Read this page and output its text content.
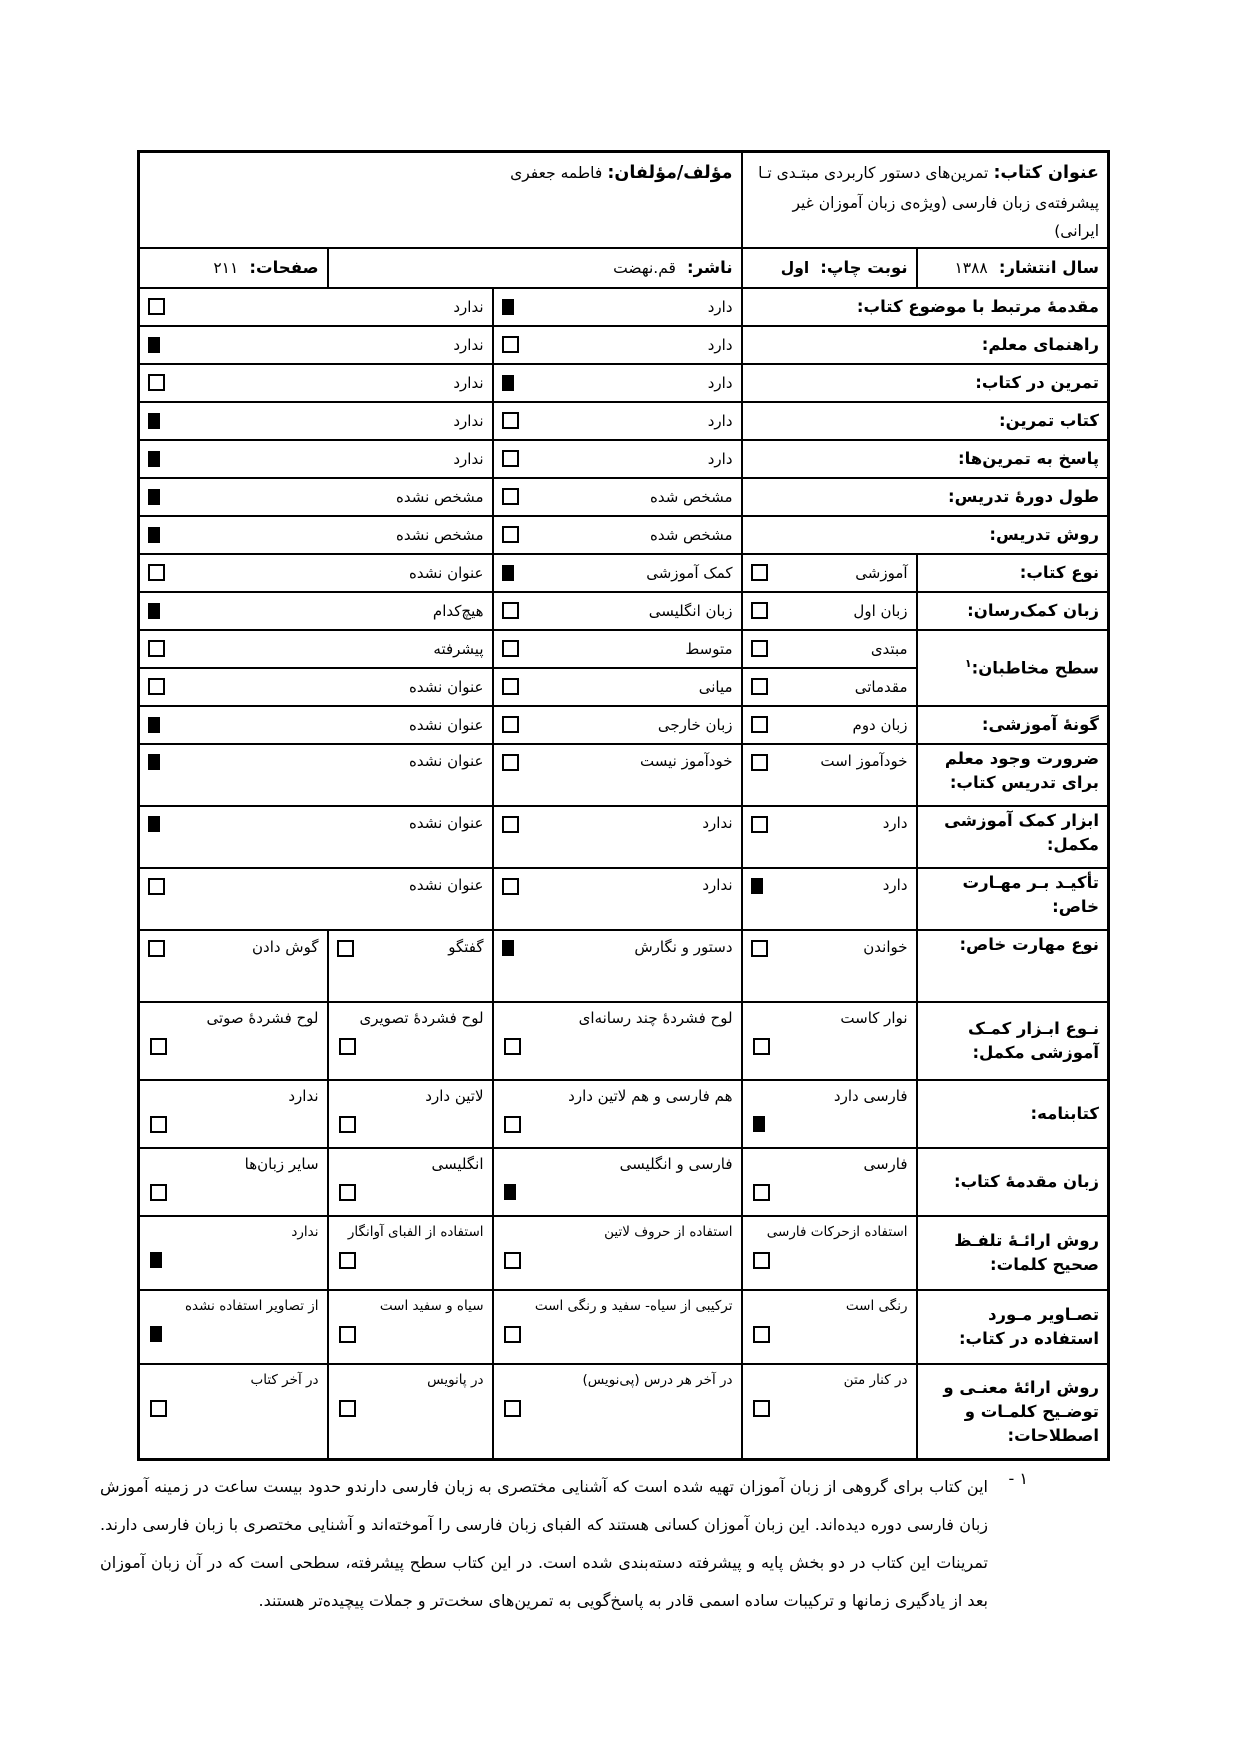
عنوان کتاب: تمرین‌های دستور کاربردی مبتـدی تـا پیشرفته‌ی زبان فارسی (ویژه‌ی زبان آموزان غیر ایرانی)		مؤلف/مؤلفان: فاطمه جعفری		
سال انتشار: ۱۳۸۸	نوبت چاپ: اول	ناشر: قم.نهضت		صفحات: ۲۱۱
مقدمهٔ مرتبط با موضوع کتاب:		دارد	ندارد	

راهنمای معلم:		دارد	ندارد	

تمرین در کتاب:		دارد	ندارد	

کتاب تمرین:		دارد	ندارد	

پاسخ به تمرین‌ها:		دارد	ندارد	

طول دورهٔ تدریس:		مشخص شده	مشخص نشده	

روش تدریس:		مشخص شده	مشخص نشده	

نوع کتاب:	آموزشی	کمک آموزشی	عنوان نشده	

زبان کمک‌رسان:	زبان اول	زبان انگلیسی	هیچ‌کدام	

سطح مخاطبان:$^۱$	مبتدی	متوسط	پیشرفته	

	مقدماتی	میانی	عنوان نشده	

گونهٔ آموزشی:	زبان دوم	زبان خارجی	عنوان نشده	

ضرورت وجود معلم برای تدریس کتاب:	خودآموز است	خودآموز نیست	عنوان نشده	

ابزار کمک آموزشی مکمل:	دارد	ندارد	عنوان نشده	

تأکیـد بـر مهـارت خاص:	دارد	ندارد	عنوان نشده	

نوع مهارت خاص:	خواندن	دستور و نگارش	گفتگو	گوش دادن

نـوع ابـزار کمـک آموزشی مکمل:	نوار کاست	لوح فشردهٔ چند رسانه‌ای	لوح فشردهٔ تصویری	لوح فشردهٔ صوتی

کتابنامه:	فارسی دارد	هم فارسی و هم لاتین دارد	لاتین دارد	ندارد

زبان مقدمهٔ کتاب:	فارسی	فارسی و انگلیسی	انگلیسی	سایر زبان‌ها

روش ارائـهٔ تلفـظ صحیح کلمات:	استفاده ازحرکات فارسی	استفاده از حروف لاتین	استفاده از الفبای آوانگار	ندارد

تصـاویر مـورد استفاده در کتاب:	رنگی است	ترکیبی از سیاه- سفید و رنگی است	سیاه و سفید است	از تصاویر استفاده نشده

روش ارائهٔ معنـی و توضـیح کلمـات و اصطلاحات:	در کنار متن	در آخر هر درس (پی‌نویس)	در پانویس	در آخر کتاب
۱ -

این کتاب برای گروهی از زبان آموزان تهیه شده است که آشنایی مختصری به زبان فارسی دارندو حدود بیست ساعت در زمینه آموزش زبان فارسی دوره دیده‌اند. این زبان آموزان کسانی هستند که الفبای زبان فارسی را آموخته‌اند و آشنایی مختصری با زبان فارسی دارند. تمرینات این کتاب در دو بخش پایه و پیشرفته دسته‌بندی شده است. در این کتاب سطح پیشرفته، سطحی است که در آن زبان آموزان بعد از یادگیری زمانها و ترکیبات ساده اسمی قادر به پاسخ‌گویی به تمرین‌های سخت‌تر و جملات پیچیده‌تر هستند.
